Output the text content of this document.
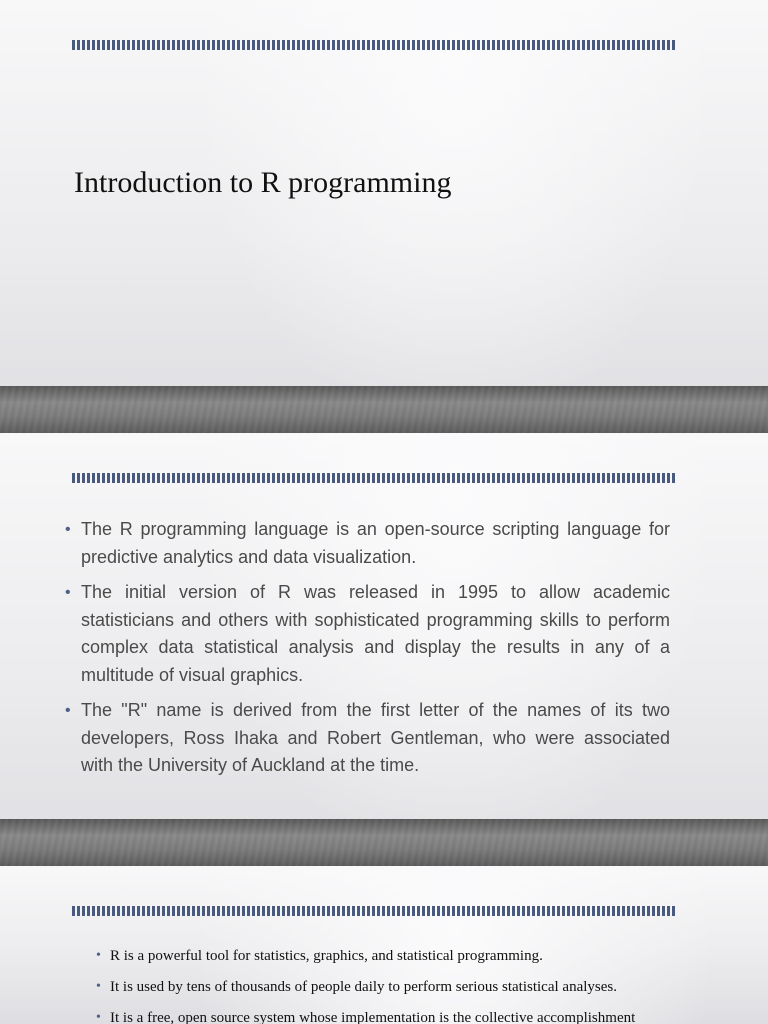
Introduction to R programming
• The R programming language is an open-source scripting language for predictive analytics and data visualization.
• The initial version of R was released in 1995 to allow academic statisticians and others with sophisticated programming skills to perform complex data statistical analysis and display the results in any of a multitude of visual graphics.
• The "R" name is derived from the first letter of the names of its two developers, Ross Ihaka and Robert Gentleman, who were associated with the University of Auckland at the time.
• R is a powerful tool for statistics, graphics, and statistical programming.
• It is used by tens of thousands of people daily to perform serious statistical analyses.
• It is a free, open source system whose implementation is the collective accomplishment
